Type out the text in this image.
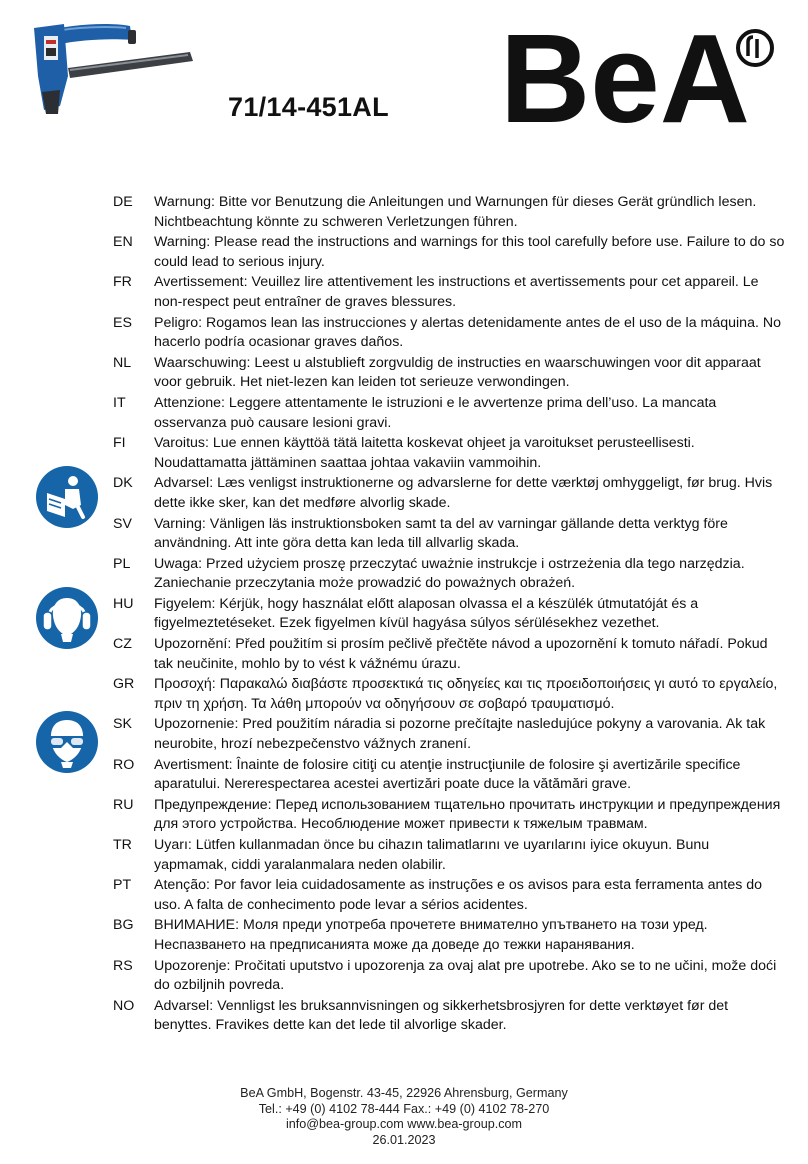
71/14-451AL BeA
DE	Warnung: Bitte vor Benutzung die Anleitungen und Warnungen für dieses Gerät gründlich lesen. Nichtbeachtung könnte zu schweren Verletzungen führen.
EN	Warning: Please read the instructions and warnings for this tool carefully before use. Failure to do so could lead to serious injury.
FR	Avertissement: Veuillez lire attentivement les instructions et avertissements pour cet appareil. Le non-respect peut entraîner de graves blessures.
ES	Peligro: Rogamos lean las instrucciones y alertas detenidamente antes de el uso de la máquina. No hacerlo podría ocasionar graves daños.
NL	Waarschuwing: Leest u alstublieft zorgvuldig de instructies en waarschuwingen voor dit apparaat voor gebruik. Het niet-lezen kan leiden tot serieuze verwondingen.
IT	Attenzione: Leggere attentamente le istruzioni e le avvertenze prima dell’uso. La mancata osservanza può causare lesioni gravi.
FI	Varoitus: Lue ennen käyttöä tätä laitetta koskevat ohjeet ja varoitukset perusteellisesti. Noudattamatta jättäminen saattaa johtaa vakaviin vammoihin.
DK	Advarsel: Læs venligst instruktionerne og advarslerne for dette værktøj omhyggeligt, før brug. Hvis dette ikke sker, kan det medføre alvorlig skade.
SV	Varning: Vänligen läs instruktionsboken samt ta del av varningar gällande detta verktyg före användning. Att inte göra detta kan leda till allvarlig skada.
PL	Uwaga: Przed użyciem proszę przeczytać uważnie instrukcje i ostrzeżenia dla tego narzędzia. Zaniechanie przeczytania może prowadzić do poważnych obrażeń.
HU	Figyelem: Kérjük, hogy használat előtt alaposan olvassa el a készülék útmutatóját és a figyelmeztetéseket. Ezek figyelmen kívül hagyása súlyos sérülésekhez vezethet.
CZ	Upozornění: Před použitím si prosím pečlivě přečtěte návod a upozornění k tomuto nářadí. Pokud tak neučinite, mohlo by to vést k vážnému úrazu.
GR	Προσοχή: Παρακαλώ διαβάστε προσεκτικά τις οδηγείες και τις προειδοποιήσεις γι αυτό το εργαλείο, πριν τη χρήση. Τα λάθη μπορούν να οδηγήσουν σε σοβαρό τραυματισμό.
SK	Upozornenie: Pred použitím náradia si pozorne prečítajte nasledujúce pokyny a varovania. Ak tak neurobite, hrozí nebezpečenstvo vážnych zranení.
RO	Avertisment: Înainte de folosire citiţi cu atenţie instrucţiunile de folosire şi avertizările specifice aparatului. Nererespectarea acestei avertizări poate duce la vătămări grave.
RU	Предупреждение: Перед использованием тщательно прочитать инструкции и предупреждения для этого устройства. Несоблюдение может привести к тяжелым травмам.
TR	Uyarı: Lütfen kullanmadan önce bu cihazın talimatlarını ve uyarılarını iyice okuyun. Bunu yapmamak, ciddi yaralanmalara neden olabilir.
PT	Atenção: Por favor leia cuidadosamente as instruções e os avisos para esta ferramenta antes do uso. A falta de conhecimento pode levar a sérios acidentes.
BG	ВНИМАНИЕ: Моля преди употреба прочетете внимателно упътването на този уред. Неспазването на предписанията може да доведе до тежки наранявания.
RS	Upozorenje: Pročitati uputstvo i upozorenja za ovaj alat pre upotrebe. Ako se to ne učini, može doći do ozbiljnih povreda.
NO	Advarsel: Vennligst les bruksannvisningen og sikkerhetsbrosjyren for dette verktøyet før det benyttes. Fravikes dette kan det lede til alvorlige skader.
BeA GmbH, Bogenstr. 43-45, 22926 Ahrensburg, Germany
Tel.: +49 (0) 4102 78-444 Fax.: +49 (0) 4102 78-270
info@bea-group.com www.bea-group.com
26.01.2023
